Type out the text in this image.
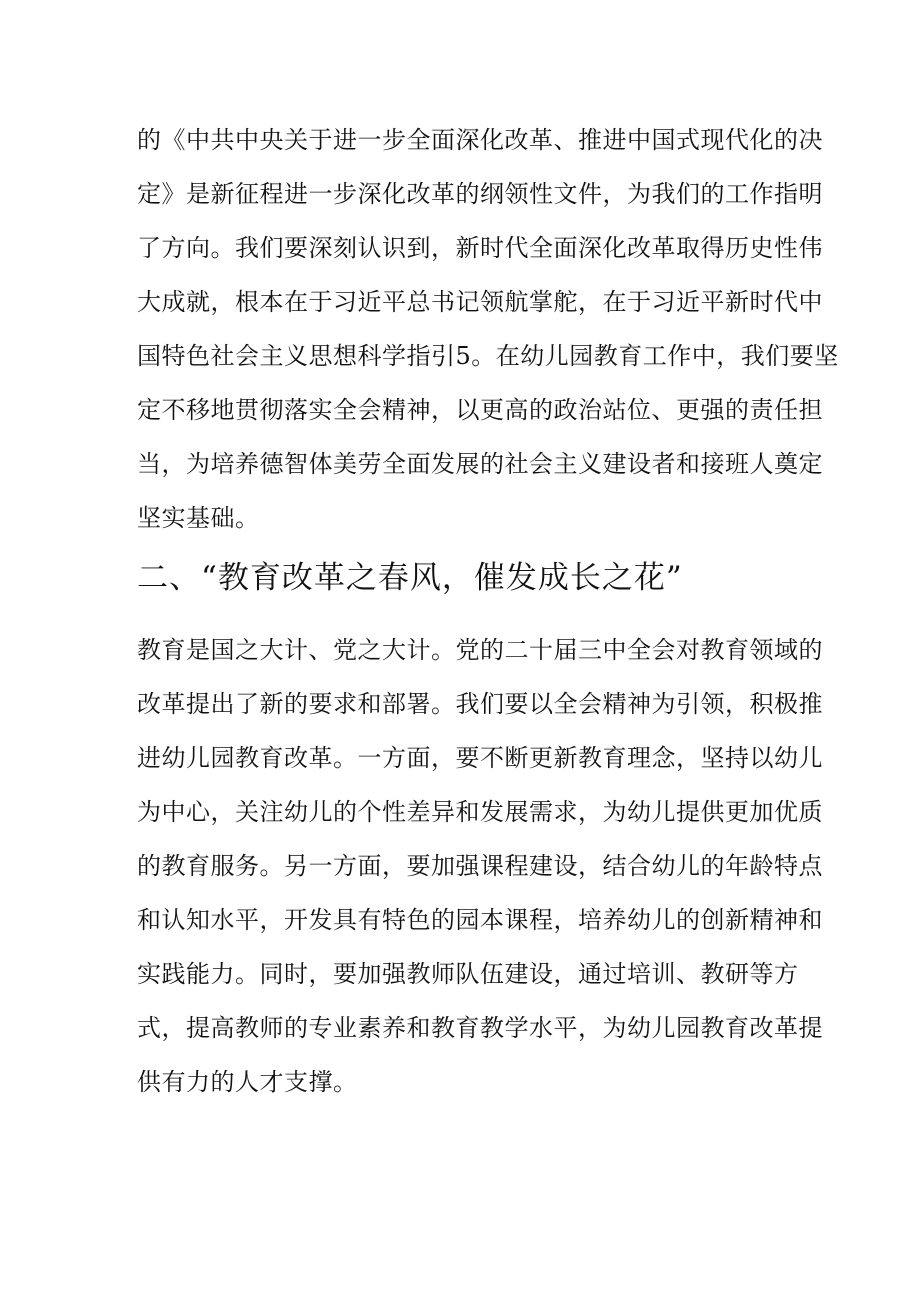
的《中共中央关于进一步全面深化改革、推进中国式现代化的决
定》是新征程进一步深化改革的纲领性文件，为我们的工作指明
了方向。我们要深刻认识到，新时代全面深化改革取得历史性伟
大成就，根本在于习近平总书记领航掌舵，在于习近平新时代中
国特色社会主义思想科学指引5。在幼儿园教育工作中，我们要坚
定不移地贯彻落实全会精神，以更高的政治站位、更强的责任担
当，为培养德智体美劳全面发展的社会主义建设者和接班人奠定
坚实基础。
二、“教育改革之春风，催发成长之花”
教育是国之大计、党之大计。党的二十届三中全会对教育领域的
改革提出了新的要求和部署。我们要以全会精神为引领，积极推
进幼儿园教育改革。一方面，要不断更新教育理念，坚持以幼儿
为中心，关注幼儿的个性差异和发展需求，为幼儿提供更加优质
的教育服务。另一方面，要加强课程建设，结合幼儿的年龄特点
和认知水平，开发具有特色的园本课程，培养幼儿的创新精神和
实践能力。同时，要加强教师队伍建设，通过培训、教研等方
式，提高教师的专业素养和教育教学水平，为幼儿园教育改革提
供有力的人才支撑。
